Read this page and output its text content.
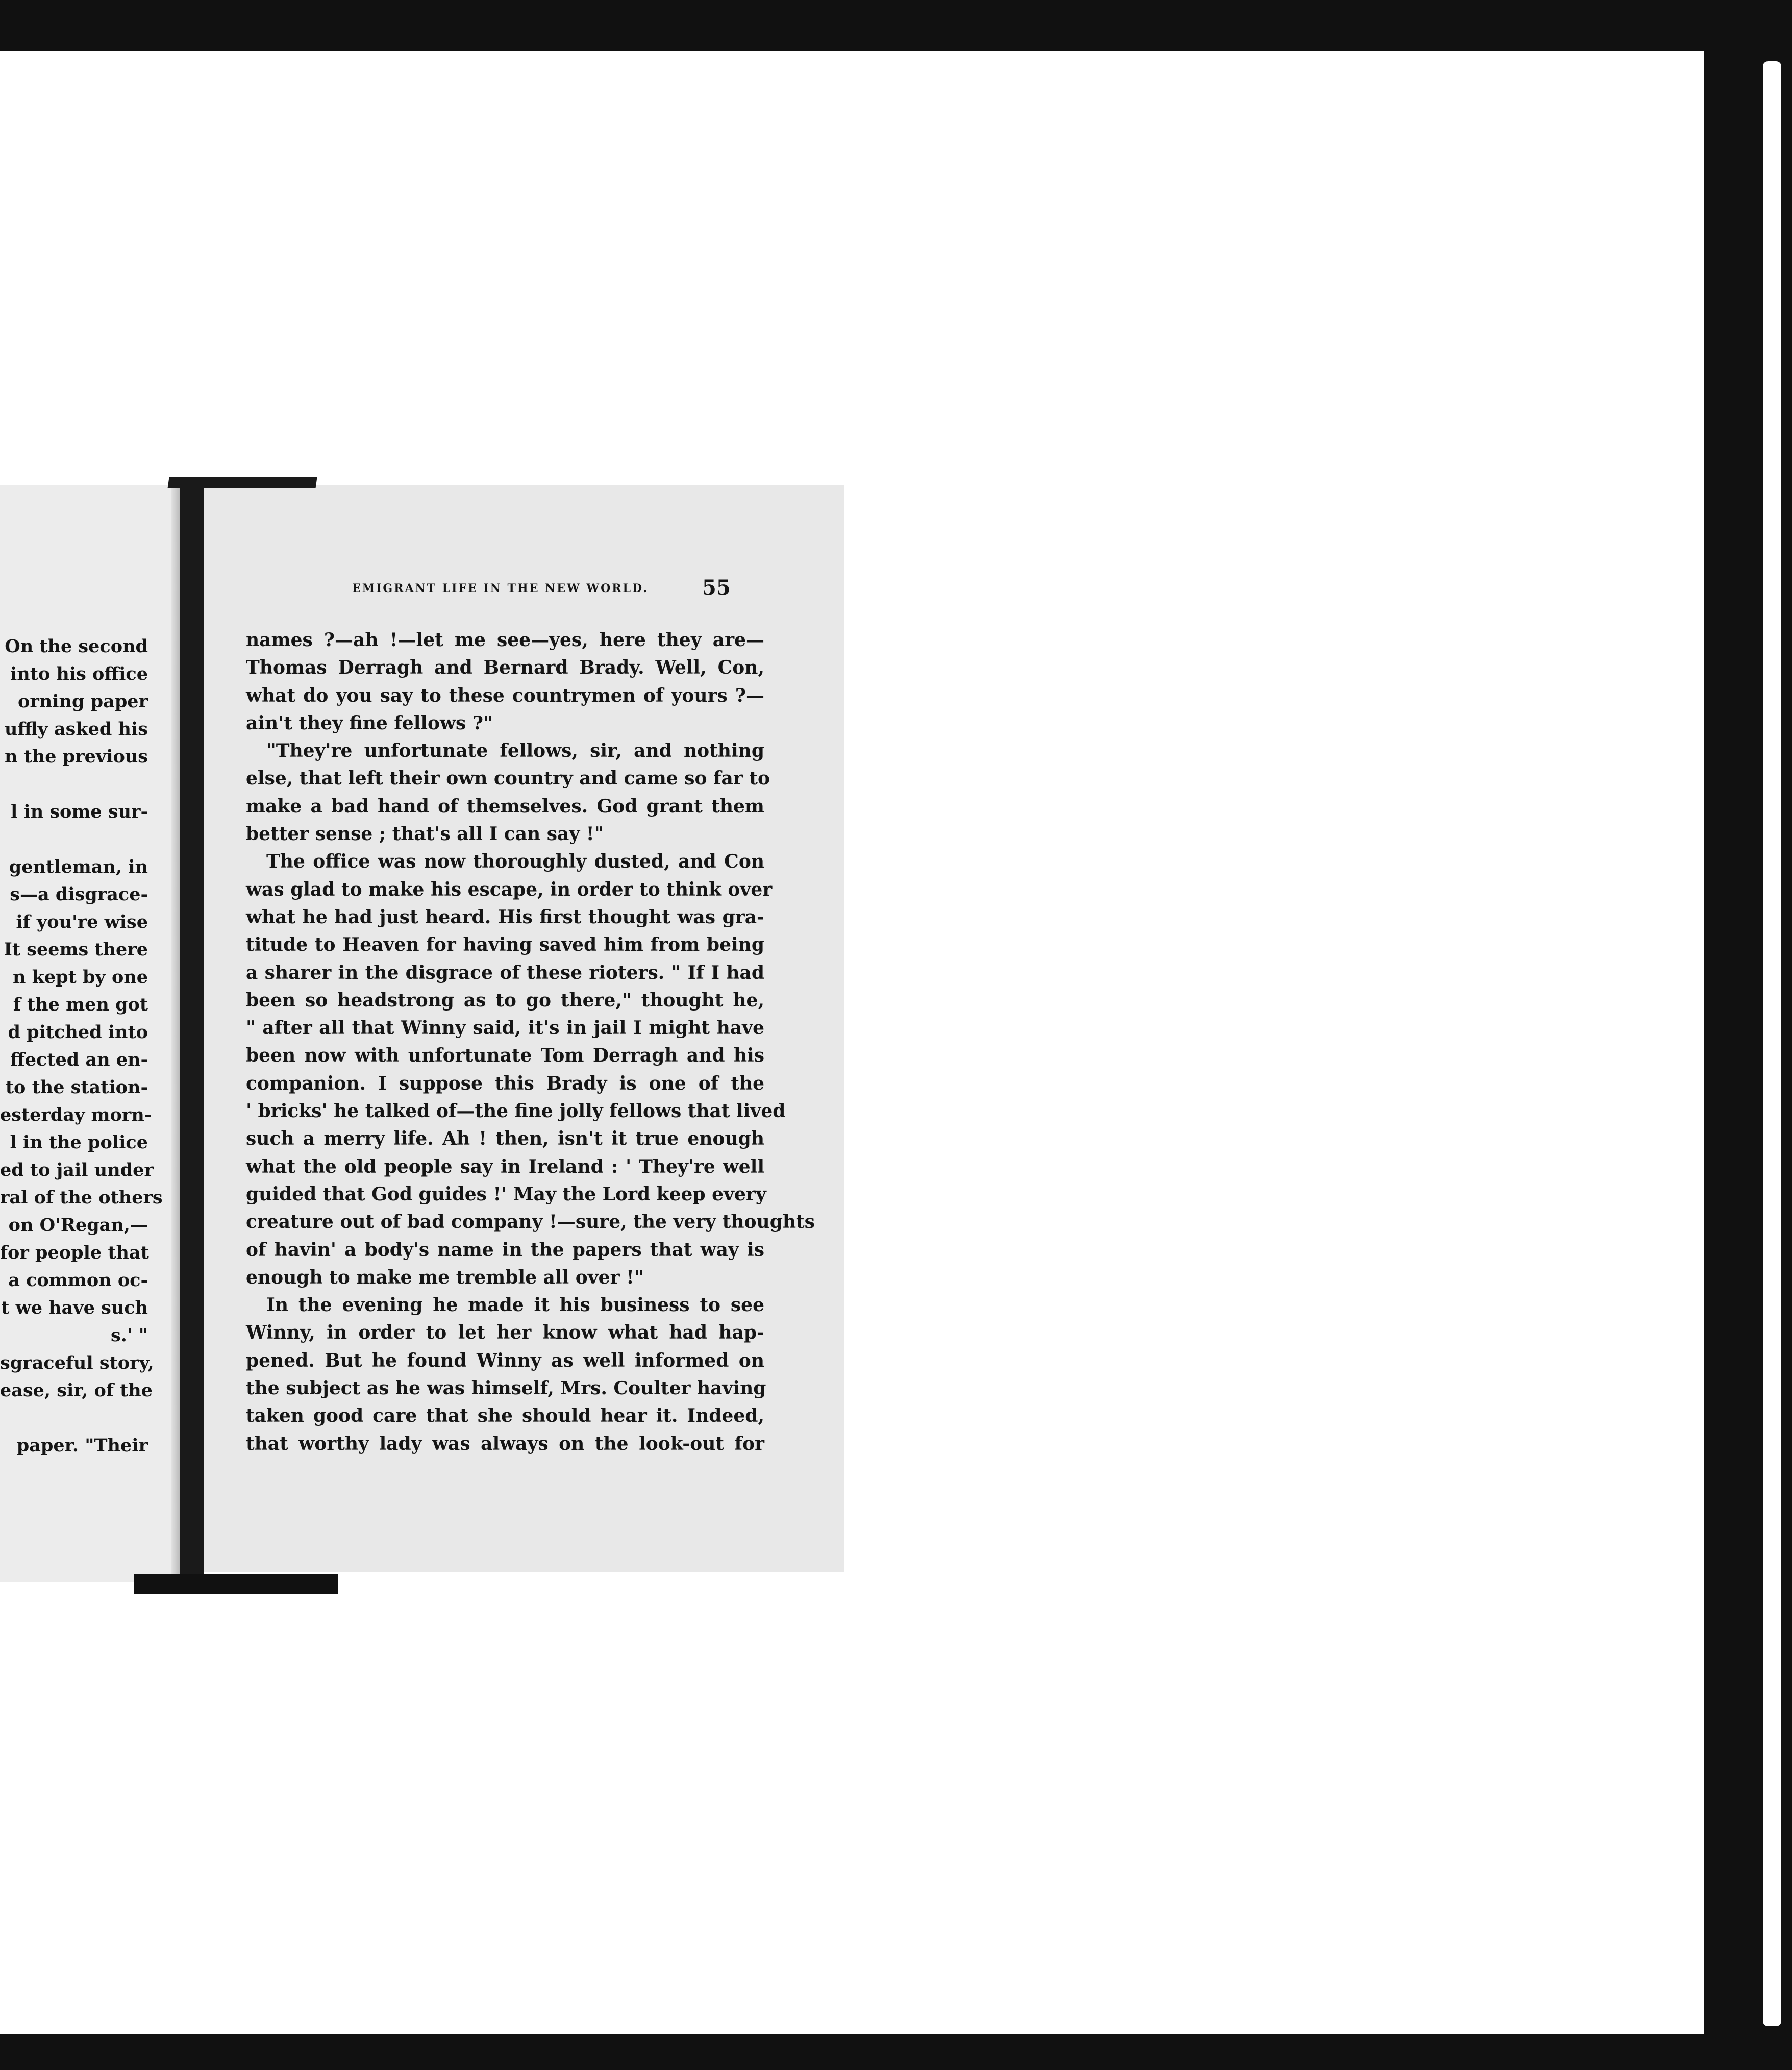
On the second
into his office
orning paper
uffly asked his
n the previous
l in some sur-
gentleman, in
s—a disgrace-
if you're wise
It seems there
n kept by one
f the men got
d pitched into
ffected an en-
to the station-
esterday morn-
l in the police
ed to jail under
ral of the others
on O'Regan,—
for people that
a common oc-
t we have such
s.' "
sgraceful story,
ease, sir, of the
paper. "Their
EMIGRANT LIFE IN THE NEW WORLD.	55
names ?—ah !—let me see—yes, here they are—
Thomas Derragh and Bernard Brady. Well, Con,
what do you say to these countrymen of yours ?—
ain't they fine fellows ?"
"They're unfortunate fellows, sir, and nothing
else, that left their own country and came so far to
make a bad hand of themselves. God grant them
better sense ; that's all I can say !"
The office was now thoroughly dusted, and Con
was glad to make his escape, in order to think over
what he had just heard. His first thought was gra-
titude to Heaven for having saved him from being
a sharer in the disgrace of these rioters. " If I had
been so headstrong as to go there," thought he,
" after all that Winny said, it's in jail I might have
been now with unfortunate Tom Derragh and his
companion. I suppose this Brady is one of the
' bricks' he talked of—the fine jolly fellows that lived
such a merry life. Ah ! then, isn't it true enough
what the old people say in Ireland : ' They're well
guided that God guides !' May the Lord keep every
creature out of bad company !—sure, the very thoughts
of havin' a body's name in the papers that way is
enough to make me tremble all over !"
In the evening he made it his business to see
Winny, in order to let her know what had hap-
pened. But he found Winny as well informed on
the subject as he was himself, Mrs. Coulter having
taken good care that she should hear it. Indeed,
that worthy lady was always on the look-out for
